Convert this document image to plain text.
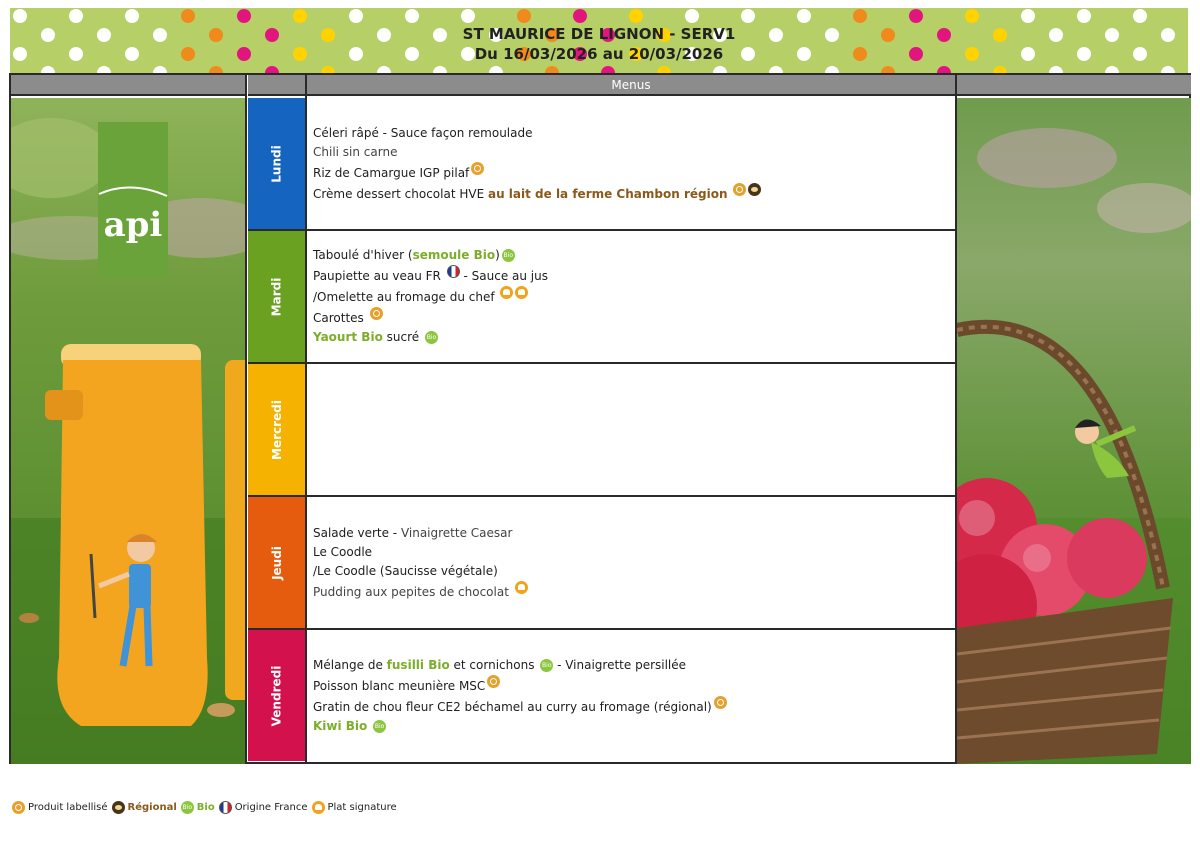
ST MAURICE DE LIGNON - SERV1
Du 16/03/2026 au 20/03/2026
Menus
api
Lundi
Céleri râpé - Sauce façon remoulade
Chili sin carne
Riz de Camargue IGP pilaf
Crème dessert chocolat HVE au lait de la ferme Chambon région
Mardi
Taboulé d'hiver (semoule Bio) Bio
Paupiette au veau FR  - Sauce au jus
/Omelette au fromage du chef
Carottes
Yaourt Bio sucré Bio
Mercredi
Jeudi
Salade verte - Vinaigrette Caesar
Le Coodle
/Le Coodle (Saucisse végétale)
Pudding aux pepites de chocolat
Vendredi
Mélange de fusilli Bio et cornichons Bio - Vinaigrette persillée
Poisson blanc meunière MSC
Gratin de chou fleur CE2 béchamel au curry au fromage (régional)
Kiwi Bio Bio
Produit labellisé Régional Bio Bio Origine France Plat signature
